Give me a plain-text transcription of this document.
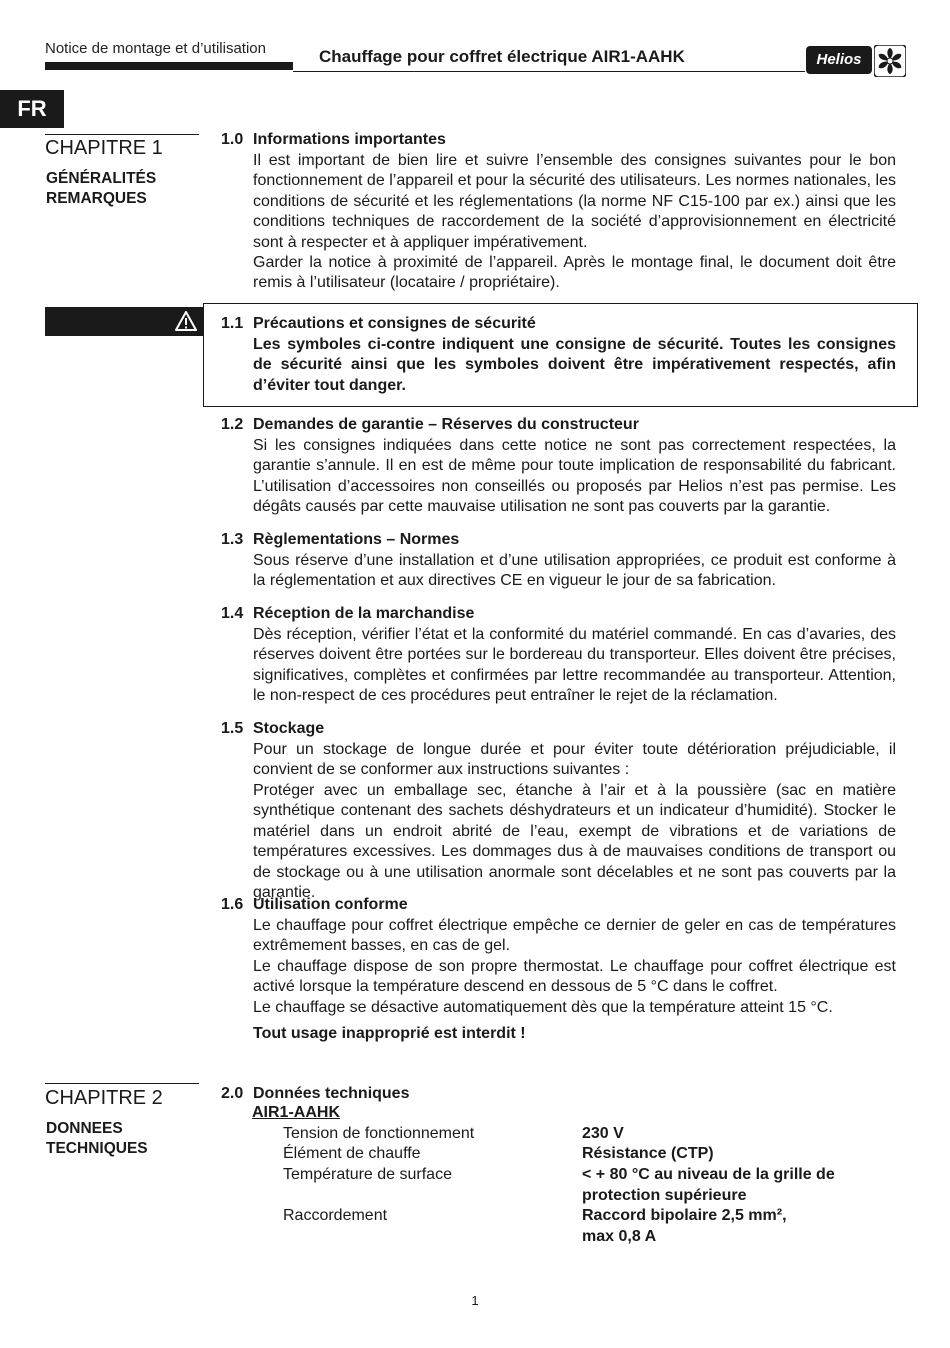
Notice de montage et d’utilisation	Chauffage pour coffret électrique AIR1-AAHK	Helios
FR
CHAPITRE 1
GÉNÉRALITÉS
REMARQUES
1.0 Informations importantes

Il est important de bien lire et suivre l’ensemble des consignes suivantes pour le bon fonctionnement de l’appareil et pour la sécurité des utilisateurs. Les normes nationales, les conditions de sécurité et les réglementations (la norme NF C15-100 par ex.) ainsi que les conditions techniques de raccordement de la société d’approvisionnement en électricité sont à respecter et à appliquer impérativement.

Garder la notice à proximité de l’appareil. Après le montage final, le document doit être remis à l’utilisateur (locataire / propriétaire).

1.1 Précautions et consignes de sécurité

Les symboles ci-contre indiquent une consigne de sécurité. Toutes les consignes de sécurité ainsi que les symboles doivent être impérativement respectés, afin d’éviter tout danger.

1.2 Demandes de garantie – Réserves du constructeur

Si les consignes indiquées dans cette notice ne sont pas correctement respectées, la garantie s’annule. Il en est de même pour toute implication de responsabilité du fabricant. L’utilisation d’accessoires non conseillés ou proposés par Helios n’est pas permise. Les dégâts causés par cette mauvaise utilisation ne sont pas couverts par la garantie.

1.3 Règlementations – Normes

Sous réserve d’une installation et d’une utilisation appropriées, ce produit est conforme à la réglementation et aux directives CE en vigueur le jour de sa fabrication.

1.4 Réception de la marchandise

Dès réception, vérifier l’état et la conformité du matériel commandé. En cas d’avaries, des réserves doivent être portées sur le bordereau du transporteur. Elles doivent être précises, significatives, complètes et confirmées par lettre recommandée au transporteur. Attention, le non-respect de ces procédures peut entraîner le rejet de la réclamation.

1.5 Stockage

Pour un stockage de longue durée et pour éviter toute détérioration préjudiciable, il convient de se conformer aux instructions suivantes :

Protéger avec un emballage sec, étanche à l’air et à la poussière (sac en matière synthétique contenant des sachets déshydrateurs et un indicateur d’humidité). Stocker le matériel dans un endroit abrité de l’eau, exempt de vibrations et de variations de températures excessives. Les dommages dus à de mauvaises conditions de transport ou de stockage ou à une utilisation anormale sont décelables et ne sont pas couverts par la garantie.

1.6 Utilisation conforme

Le chauffage pour coffret électrique empêche ce dernier de geler en cas de températures extrêmement basses, en cas de gel.

Le chauffage dispose de son propre thermostat. Le chauffage pour coffret électrique est activé lorsque la température descend en dessous de 5 °C dans le coffret.

Le chauffage se désactive automatiquement dès que la température atteint 15 °C.

Tout usage inapproprié est interdit !

CHAPITRE 2
DONNEES
TECHNIQUES
2.0 Données techniques
AIR1-AAHK
Tension de fonctionnement	230 V
Élément de chauffe	Résistance (CTP)
Température de surface	< + 80 °C au niveau de la grille de
protection supérieure
Raccordement	Raccord bipolaire 2,5 mm²,
max 0,8 A
1
